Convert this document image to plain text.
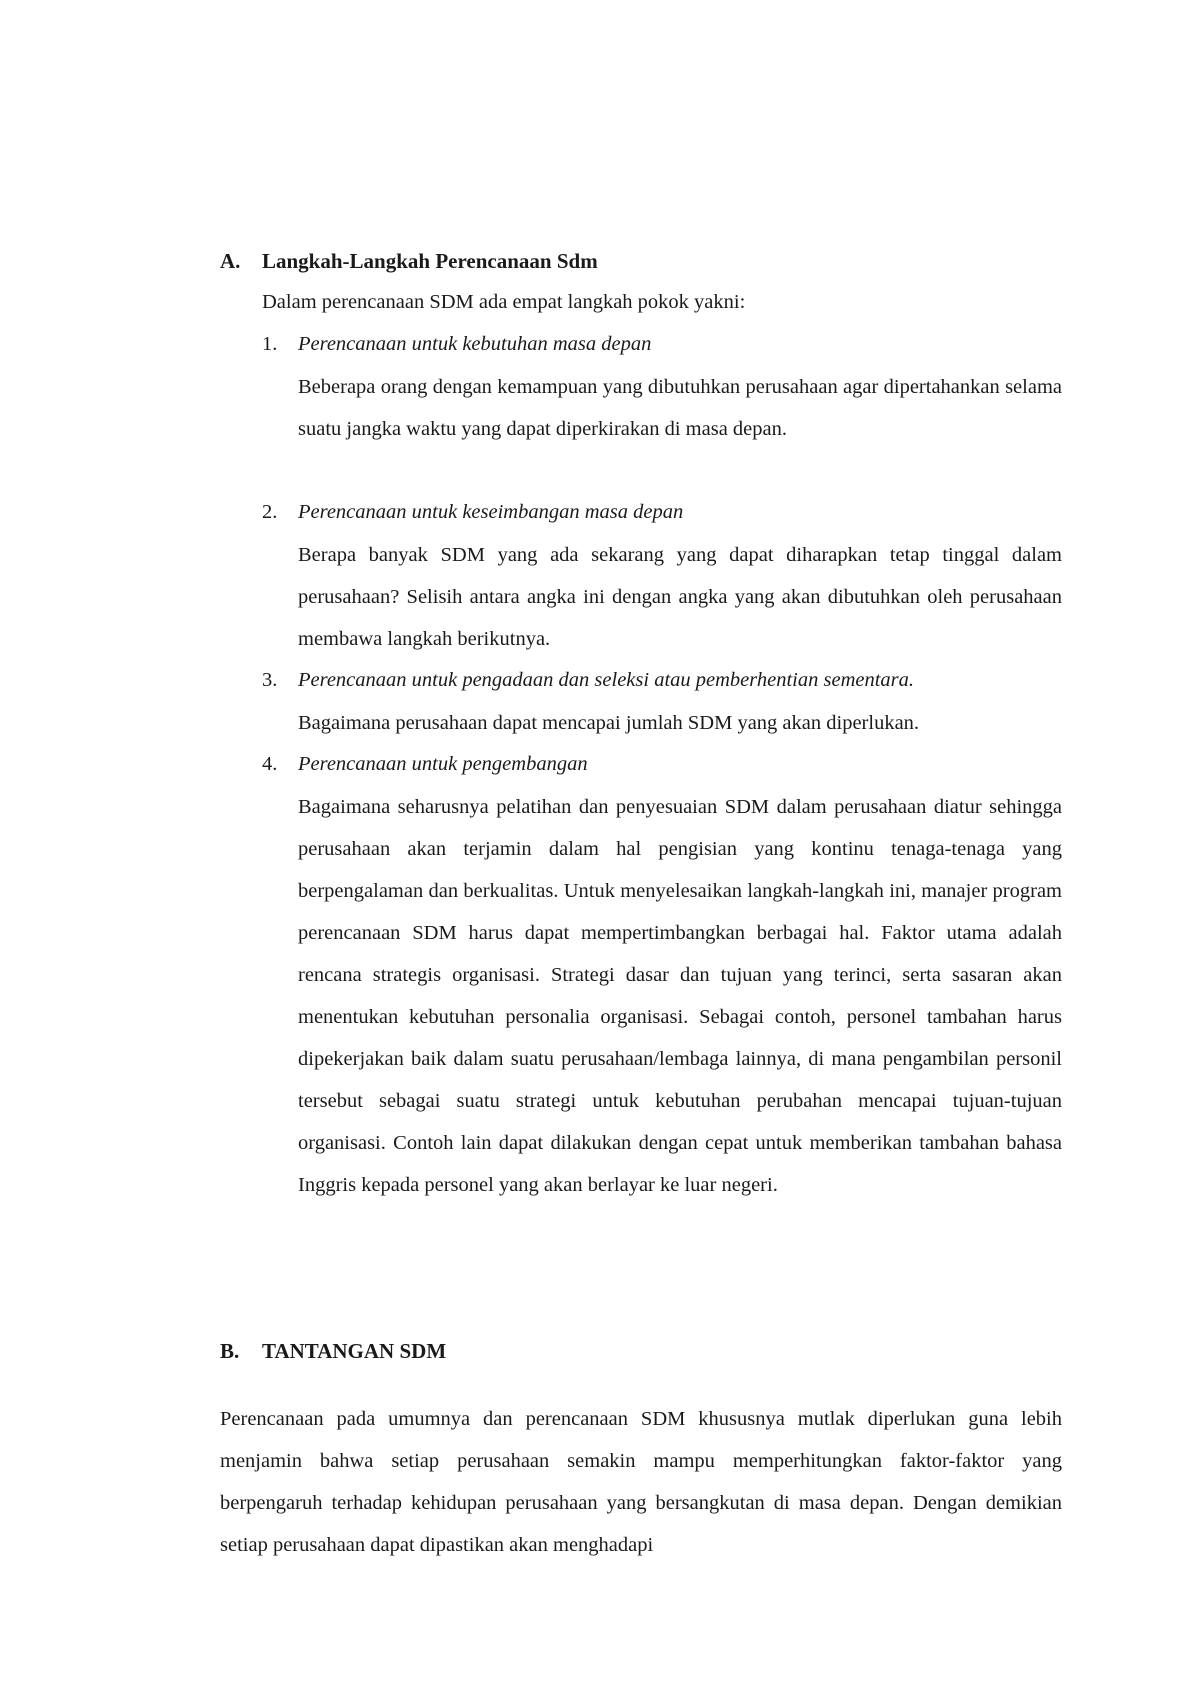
A. Langkah-Langkah Perencanaan Sdm
Dalam perencanaan SDM ada empat langkah pokok yakni:
1. Perencanaan untuk kebutuhan masa depan
Beberapa orang dengan kemampuan yang dibutuhkan perusahaan agar dipertahankan selama suatu jangka waktu yang dapat diperkirakan di masa depan.
2. Perencanaan untuk keseimbangan masa depan
Berapa banyak SDM yang ada sekarang yang dapat diharapkan tetap tinggal dalam perusahaan? Selisih antara angka ini dengan angka yang akan dibutuhkan oleh perusahaan membawa langkah berikutnya.
3. Perencanaan untuk pengadaan dan seleksi atau pemberhentian sementara.
Bagaimana perusahaan dapat mencapai jumlah SDM yang akan diperlukan.
4. Perencanaan untuk pengembangan
Bagaimana seharusnya pelatihan dan penyesuaian SDM dalam perusahaan diatur sehingga perusahaan akan terjamin dalam hal pengisian yang kontinu tenaga-tenaga yang berpengalaman dan berkualitas. Untuk menyelesaikan langkah-langkah ini, manajer program perencanaan SDM harus dapat mempertimbangkan berbagai hal. Faktor utama adalah rencana strategis organisasi. Strategi dasar dan tujuan yang terinci, serta sasaran akan menentukan kebutuhan personalia organisasi. Sebagai contoh, personel tambahan harus dipekerjakan baik dalam suatu perusahaan/lembaga lainnya, di mana pengambilan personil tersebut sebagai suatu strategi untuk kebutuhan perubahan mencapai tujuan-tujuan organisasi. Contoh lain dapat dilakukan dengan cepat untuk memberikan tambahan bahasa Inggris kepada personel yang akan berlayar ke luar negeri.
B. TANTANGAN SDM
Perencanaan pada umumnya dan perencanaan SDM khususnya mutlak diperlukan guna lebih menjamin bahwa setiap perusahaan semakin mampu memperhitungkan faktor-faktor yang berpengaruh terhadap kehidupan perusahaan yang bersangkutan di masa depan. Dengan demikian setiap perusahaan dapat dipastikan akan menghadapi
